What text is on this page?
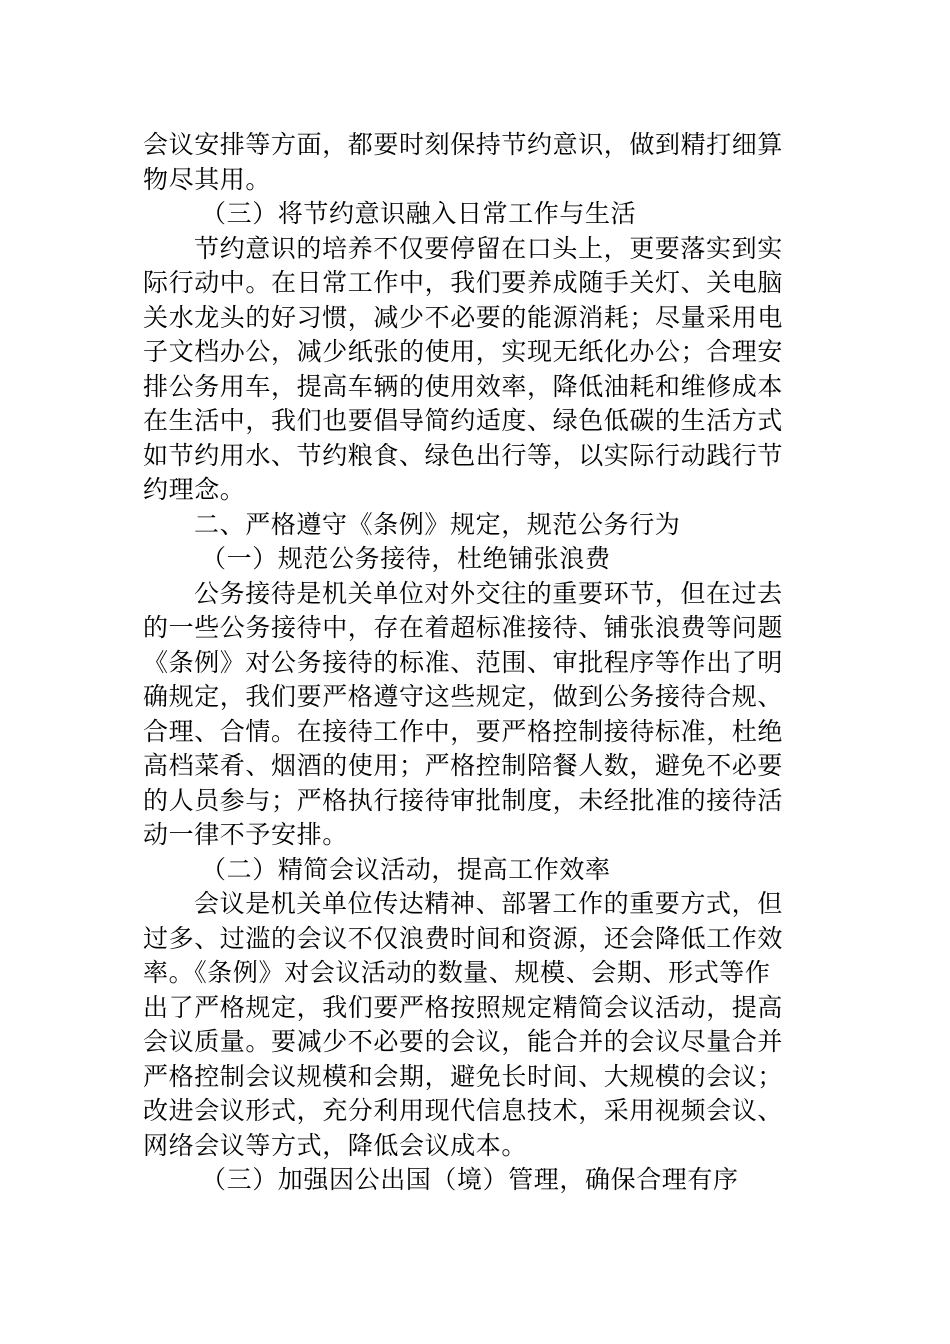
会议安排等方面，都要时刻保持节约意识，做到精打细算
物尽其用。
（三）将节约意识融入日常工作与生活
节约意识的培养不仅要停留在口头上，更要落实到实
际行动中。在日常工作中，我们要养成随手关灯、关电脑
关水龙头的好习惯，减少不必要的能源消耗；尽量采用电
子文档办公，减少纸张的使用，实现无纸化办公；合理安
排公务用车，提高车辆的使用效率，降低油耗和维修成本
在生活中，我们也要倡导简约适度、绿色低碳的生活方式
如节约用水、节约粮食、绿色出行等，以实际行动践行节
约理念。
二、严格遵守《条例》规定，规范公务行为
（一）规范公务接待，杜绝铺张浪费
公务接待是机关单位对外交往的重要环节，但在过去
的一些公务接待中，存在着超标准接待、铺张浪费等问题
《条例》对公务接待的标准、范围、审批程序等作出了明
确规定，我们要严格遵守这些规定，做到公务接待合规、
合理、合情。在接待工作中，要严格控制接待标准，杜绝
高档菜肴、烟酒的使用；严格控制陪餐人数，避免不必要
的人员参与；严格执行接待审批制度，未经批准的接待活
动一律不予安排。
（二）精简会议活动，提高工作效率
会议是机关单位传达精神、部署工作的重要方式，但
过多、过滥的会议不仅浪费时间和资源，还会降低工作效
率。《条例》对会议活动的数量、规模、会期、形式等作
出了严格规定，我们要严格按照规定精简会议活动，提高
会议质量。要减少不必要的会议，能合并的会议尽量合并
严格控制会议规模和会期，避免长时间、大规模的会议；
改进会议形式，充分利用现代信息技术，采用视频会议、
网络会议等方式，降低会议成本。
（三）加强因公出国（境）管理，确保合理有序
